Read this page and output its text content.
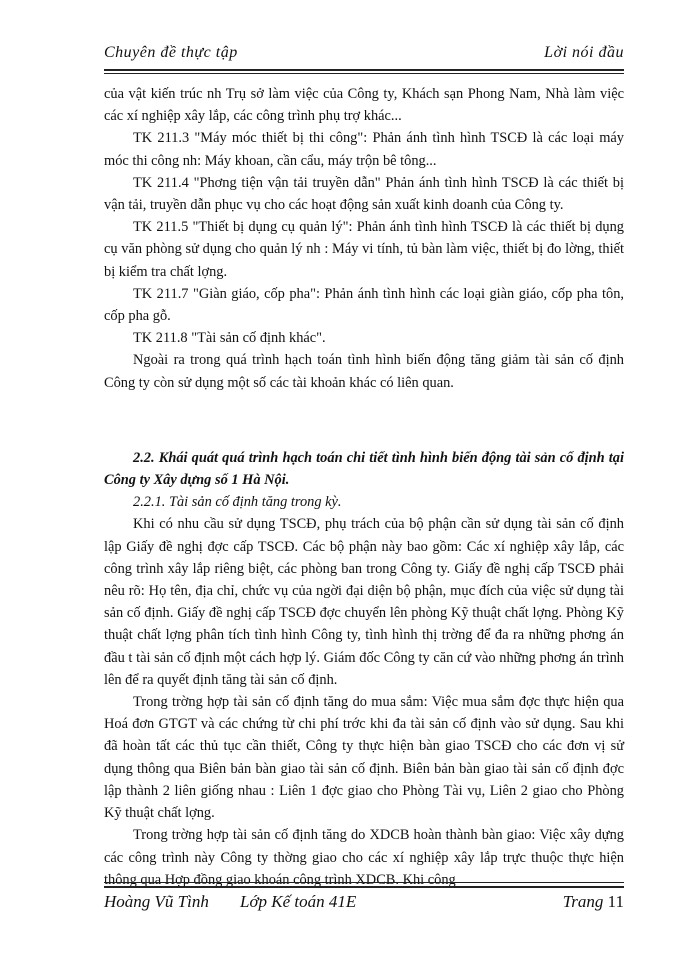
Chuyên đề thực tập	Lời nói đầu

của vật kiến trúc nh Trụ sở làm việc của Công ty, Khách sạn Phong Nam, Nhà làm việc các xí nghiệp xây lắp, các công trình phụ trợ khác...

TK 211.3 "Máy móc thiết bị thi công": Phản ánh tình hình TSCĐ là các loại máy móc thi công nh: Máy khoan, cần cẩu, máy trộn bê tông...

TK 211.4 "Phơng tiện vận tải truyền dẫn" Phản ánh tình hình TSCĐ là các thiết bị vận tải, truyền dẫn phục vụ cho các hoạt động sản xuất kinh doanh của Công ty.

TK 211.5 "Thiết bị dụng cụ quản lý": Phản ánh tình hình TSCĐ là các thiết bị dụng cụ văn phòng sử dụng cho quản lý nh : Máy vi tính, tủ bàn làm việc, thiết bị đo lờng, thiết bị kiểm tra chất lợng.

TK 211.7 "Giàn giáo, cốp pha": Phản ánh tình hình các loại giàn giáo, cốp pha tôn, cốp pha gỗ.

TK 211.8 "Tài sản cố định khác".

Ngoài ra trong quá trình hạch toán tình hình biến động tăng giảm tài sản cố định Công ty còn sử dụng một số các tài khoản khác có liên quan.

2.2. Khái quát quá trình hạch toán chi tiết tình hình biến động tài sản cố định tại Công ty Xây dựng số 1 Hà Nội.

2.2.1. Tài sản cố định tăng trong kỳ.

Khi có nhu cầu sử dụng TSCĐ, phụ trách của bộ phận cần sử dụng tài sản cố định lập Giấy đề nghị đợc cấp TSCĐ. Các bộ phận này bao gồm: Các xí nghiệp xây lắp, các công trình xây lắp riêng biệt, các phòng ban trong Công ty. Giấy đề nghị cấp TSCĐ phải nêu rõ: Họ tên, địa chỉ, chức vụ của ngời đại diện bộ phận, mục đích của việc sử dụng tài sản cố định. Giấy đề nghị cấp TSCĐ đợc chuyển lên phòng Kỹ thuật chất lợng. Phòng Kỹ thuật chất lợng phân tích tình hình Công ty, tình hình thị trờng để đa ra những phơng án đầu t tài sản cố định một cách hợp lý. Giám đốc Công ty căn cứ vào những phơng án trình lên để ra quyết định tăng tài sản cố định.

Trong trờng hợp tài sản cố định tăng do mua sắm: Việc mua sắm đợc thực hiện qua Hoá đơn GTGT và các chứng từ chi phí trớc khi đa tài sản cố định vào sử dụng. Sau khi đã hoàn tất các thủ tục cần thiết, Công ty thực hiện bàn giao TSCĐ cho các đơn vị sử dụng thông qua Biên bản bàn giao tài sản cố định. Biên bản bàn giao tài sản cố định đợc lập thành 2 liên giống nhau : Liên 1 đợc giao cho Phòng Tài vụ, Liên 2 giao cho Phòng Kỹ thuật chất lợng.

Trong trờng hợp tài sản cố định tăng do XDCB hoàn thành bàn giao: Việc xây dựng các công trình này Công ty thờng giao cho các xí nghiệp xây lắp trực thuộc thực hiện thông qua Hợp đồng giao khoán công trình XDCB. Khi công

Hoàng Vũ Tình Lớp Kế toán 41E	Trang 11
